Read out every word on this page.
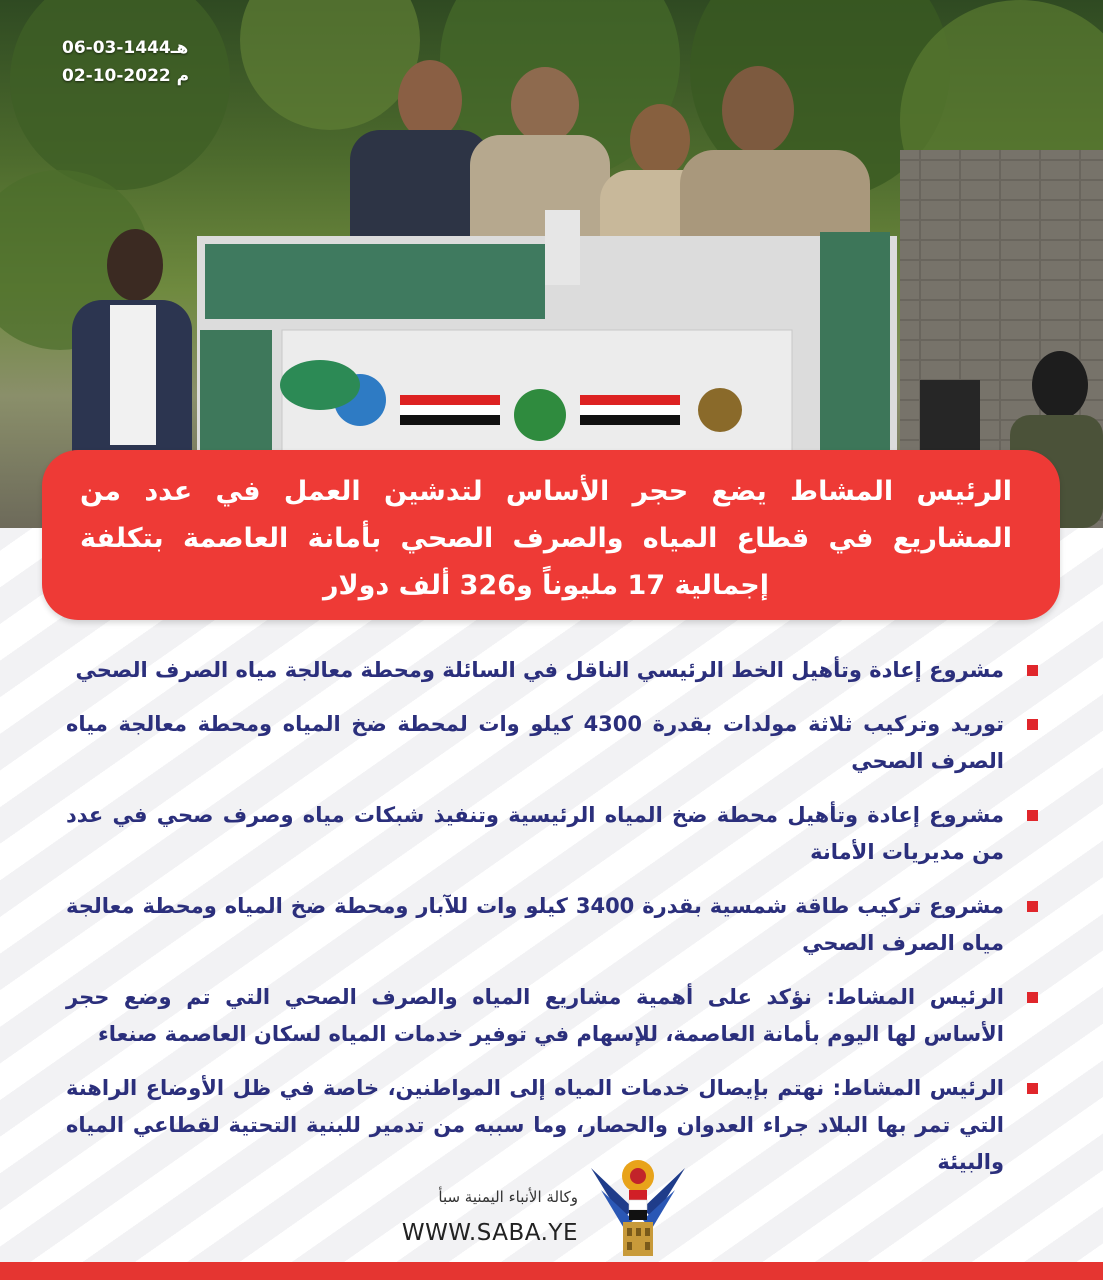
06-03-1444هـ
02-10-2022 م
الرئيس المشاط يضع حجر الأساس لتدشين العمل في عدد من المشاريع في قطاع المياه والصرف الصحي بأمانة العاصمة بتكلفة إجمالية 17 مليوناً و326 ألف دولار
مشروع إعادة وتأهيل الخط الرئيسي الناقل في السائلة ومحطة معالجة مياه الصرف الصحي
توريد وتركيب ثلاثة مولدات بقدرة 4300 كيلو وات لمحطة ضخ المياه ومحطة معالجة مياه الصرف الصحي
مشروع إعادة وتأهيل محطة ضخ المياه الرئيسية وتنفيذ شبكات مياه وصرف صحي في عدد من مديريات الأمانة
مشروع تركيب طاقة شمسية بقدرة 3400 كيلو وات للآبار ومحطة ضخ المياه ومحطة معالجة مياه الصرف الصحي
الرئيس المشاط: نؤكد على أهمية مشاريع المياه والصرف الصحي التي تم وضع حجر الأساس لها اليوم بأمانة العاصمة، للإسهام في توفير خدمات المياه لسكان العاصمة صنعاء
الرئيس المشاط: نهتم بإيصال خدمات المياه إلى المواطنين، خاصة في ظل الأوضاع الراهنة التي تمر بها البلاد جراء العدوان والحصار، وما سببه من تدمير للبنية التحتية لقطاعي المياه والبيئة
وكالة الأنباء اليمنية سبأ
WWW.SABA.YE
